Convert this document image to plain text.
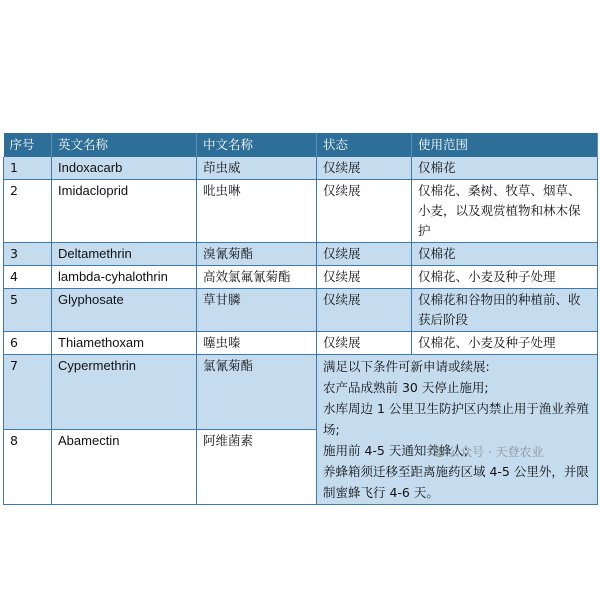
序号	英文名称	中文名称	状态	使用范围
1	Indoxacarb	茚虫威	仅续展	仅棉花
2	Imidacloprid	吡虫啉	仅续展	仅棉花、桑树、牧草、烟草、小麦，以及观赏植物和林木保护
3	Deltamethrin	溴氰菊酯	仅续展	仅棉花
4	lambda-cyhalothrin	高效氯氟氰菊酯	仅续展	仅棉花、小麦及种子处理
5	Glyphosate	草甘膦	仅续展	仅棉花和谷物田的种植前、收获后阶段
6	Thiamethoxam	噻虫嗪	仅续展	仅棉花、小麦及种子处理
7	Cypermethrin	氯氰菊酯	满足以下条件可新申请或续展:
农产品成熟前 30 天停止施用;
水库周边 1 公里卫生防护区内禁止用于渔业养殖场;
施用前 4-5 天通知养蜂人;
养蜂箱须迁移至距离施药区域 4-5 公里外，并限制蜜蜂飞行 4-6 天。	

8	Abamectin	阿维菌素		
公众号 · 天登农业
